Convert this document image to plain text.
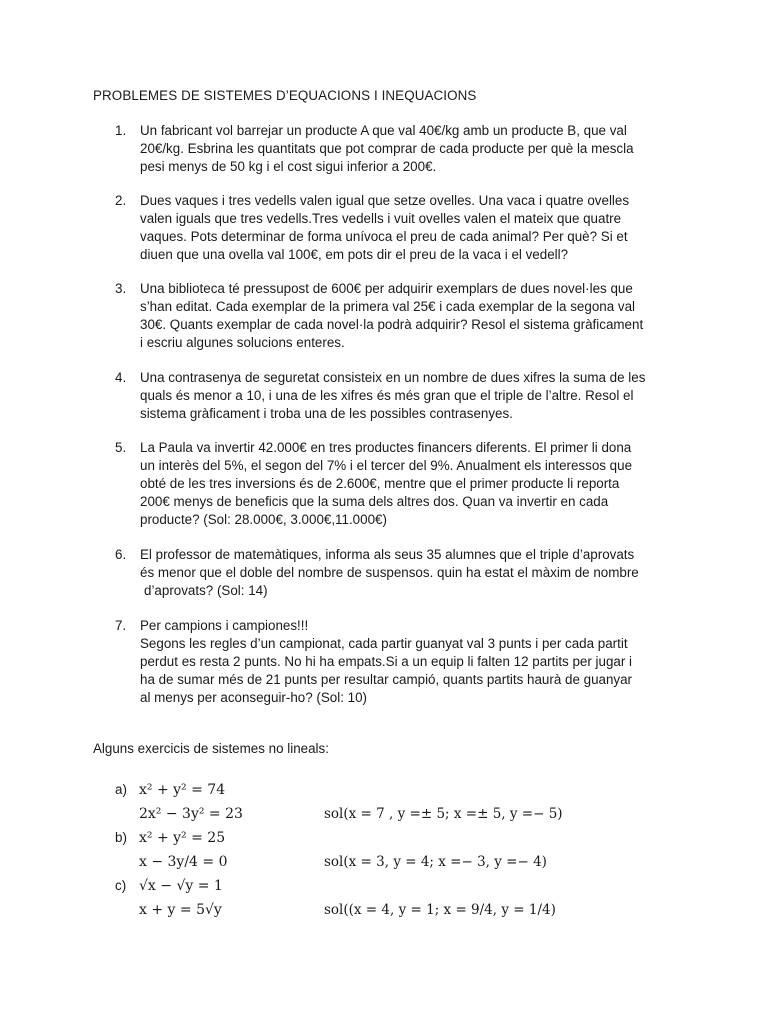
PROBLEMES DE SISTEMES D’EQUACIONS I INEQUACIONS
1. Un fabricant vol barrejar un producte A que val 40€/kg amb un producte B, que val
20€/kg. Esbrina les quantitats que pot comprar de cada producte per què la mescla
pesi menys de 50 kg i el cost sigui inferior a 200€.
2. Dues vaques i tres vedells valen igual que setze ovelles. Una vaca i quatre ovelles
valen iguals que tres vedells.Tres vedells i vuit ovelles valen el mateix que quatre
vaques. Pots determinar de forma unívoca el preu de cada animal? Per què? Si et
diuen que una ovella val 100€, em pots dir el preu de la vaca i el vedell?
3. Una biblioteca té pressupost de 600€ per adquirir exemplars de dues novel·les que
s’han editat. Cada exemplar de la primera val 25€ i cada exemplar de la segona val
30€. Quants exemplar de cada novel·la podrà adquirir? Resol el sistema gràficament
i escriu algunes solucions enteres.
4. Una contrasenya de seguretat consisteix en un nombre de dues xifres la suma de les
quals és menor a 10, i una de les xifres és més gran que el triple de l’altre. Resol el
sistema gràficament i troba una de les possibles contrasenyes.
5. La Paula va invertir 42.000€ en tres productes financers diferents. El primer li dona
un interès del 5%, el segon del 7% i el tercer del 9%. Anualment els interessos que
obté de les tres inversions és de 2.600€, mentre que el primer producte li reporta
200€ menys de beneficis que la suma dels altres dos. Quan va invertir en cada
producte? (Sol: 28.000€, 3.000€,11.000€)
6. El professor de matemàtiques, informa als seus 35 alumnes que el triple d’aprovats
és menor que el doble del nombre de suspensos. quin ha estat el màxim de nombre
d’aprovats? (Sol: 14)
7. Per campions i campiones!!!
Segons les regles d’un campionat, cada partir guanyat val 3 punts i per cada partit
perdut es resta 2 punts. No hi ha empats.Si a un equip li falten 12 partits per jugar i
ha de sumar més de 21 punts per resultar campió, quants partits haurà de guanyar
al menys per aconseguir-ho? (Sol: 10)
Alguns exercicis de sistemes no lineals:
a) x² + y² = 74
2x² − 3y² = 23	sol(x = 7 , y =± 5; x =± 5, y =− 5)
b) x² + y² = 25
x − 3y/4 = 0	sol(x = 3, y = 4; x =− 3, y =− 4)
c) √x − √y = 1
x + y = 5√y	sol((x = 4, y = 1; x = 9/4, y = 1/4)
